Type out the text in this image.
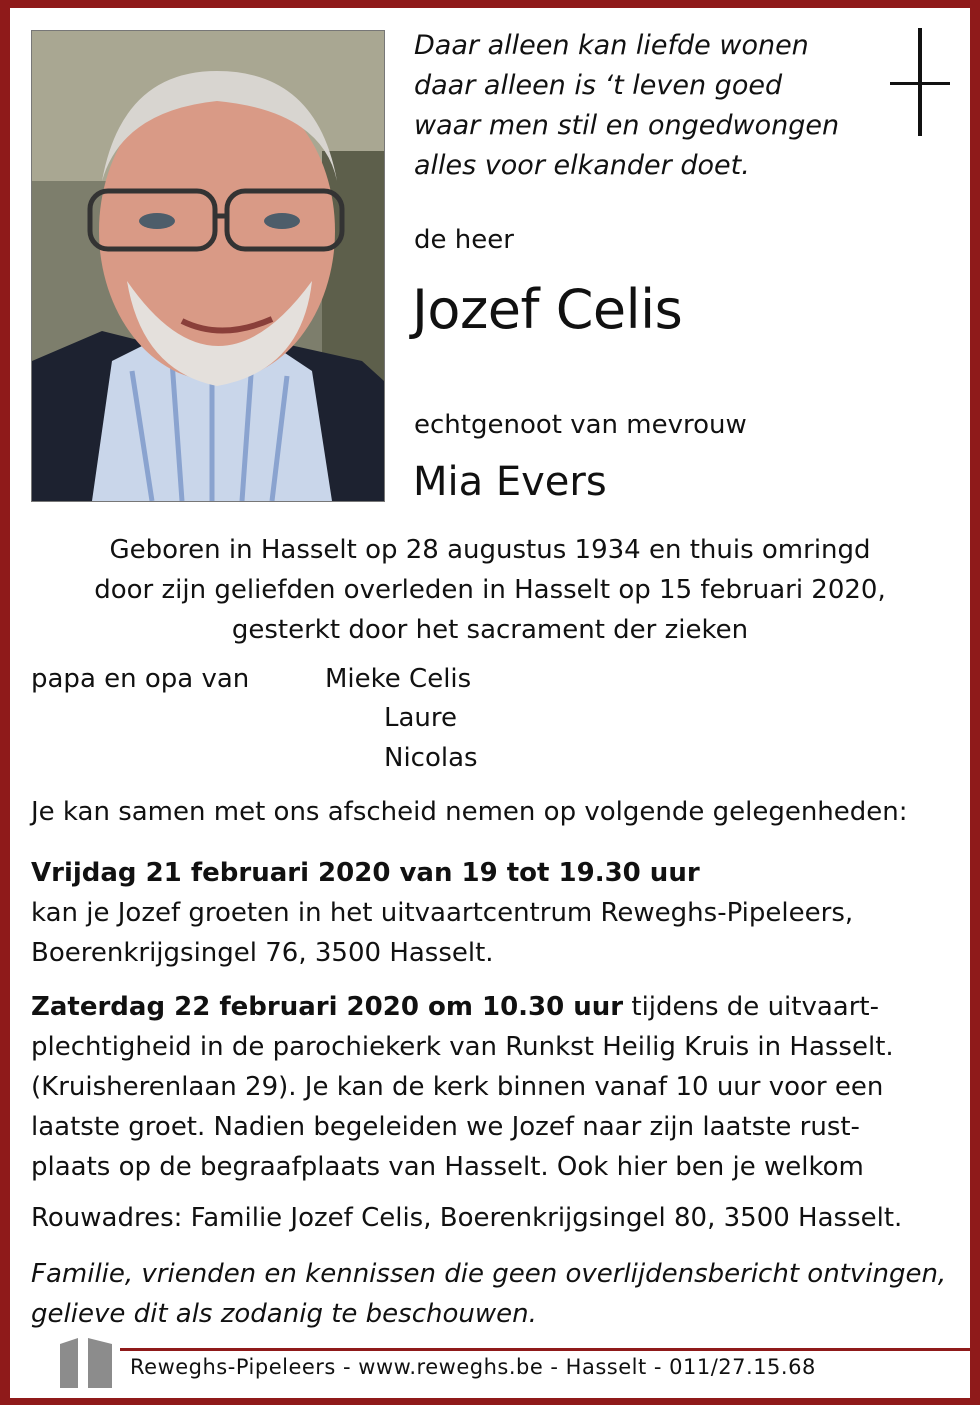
Daar alleen kan liefde wonen
daar alleen is ‘t leven goed
waar men stil en ongedwongen
alles voor elkander doet.
de heer
Jozef Celis
echtgenoot van mevrouw
Mia Evers
Geboren in Hasselt op 28 augustus 1934 en thuis omringd
door zijn geliefden overleden in Hasselt op 15 februari 2020,
gesterkt door het sacrament der zieken
papa en opa van	Mieke Celis
Laure
Nicolas
Je kan samen met ons afscheid nemen op volgende gelegenheden:
Vrijdag 21 februari 2020 van 19 tot 19.30 uur
kan je Jozef groeten in het uitvaartcentrum Reweghs-Pipeleers,
Boerenkrijgsingel 76, 3500 Hasselt.
Zaterdag 22 februari 2020 om 10.30 uur tijdens de uitvaart-
plechtigheid in de parochiekerk van Runkst Heilig Kruis in Hasselt.
(Kruisherenlaan 29). Je kan de kerk binnen vanaf 10 uur voor een
laatste groet. Nadien begeleiden we Jozef naar zijn laatste rust-
plaats op de begraafplaats van Hasselt. Ook hier ben je welkom
Rouwadres: Familie Jozef Celis, Boerenkrijgsingel 80, 3500 Hasselt.
Familie, vrienden en kennissen die geen overlijdensbericht ontvingen,
gelieve dit als zodanig te beschouwen.
Reweghs-Pipeleers - www.reweghs.be - Hasselt - 011/27.15.68
